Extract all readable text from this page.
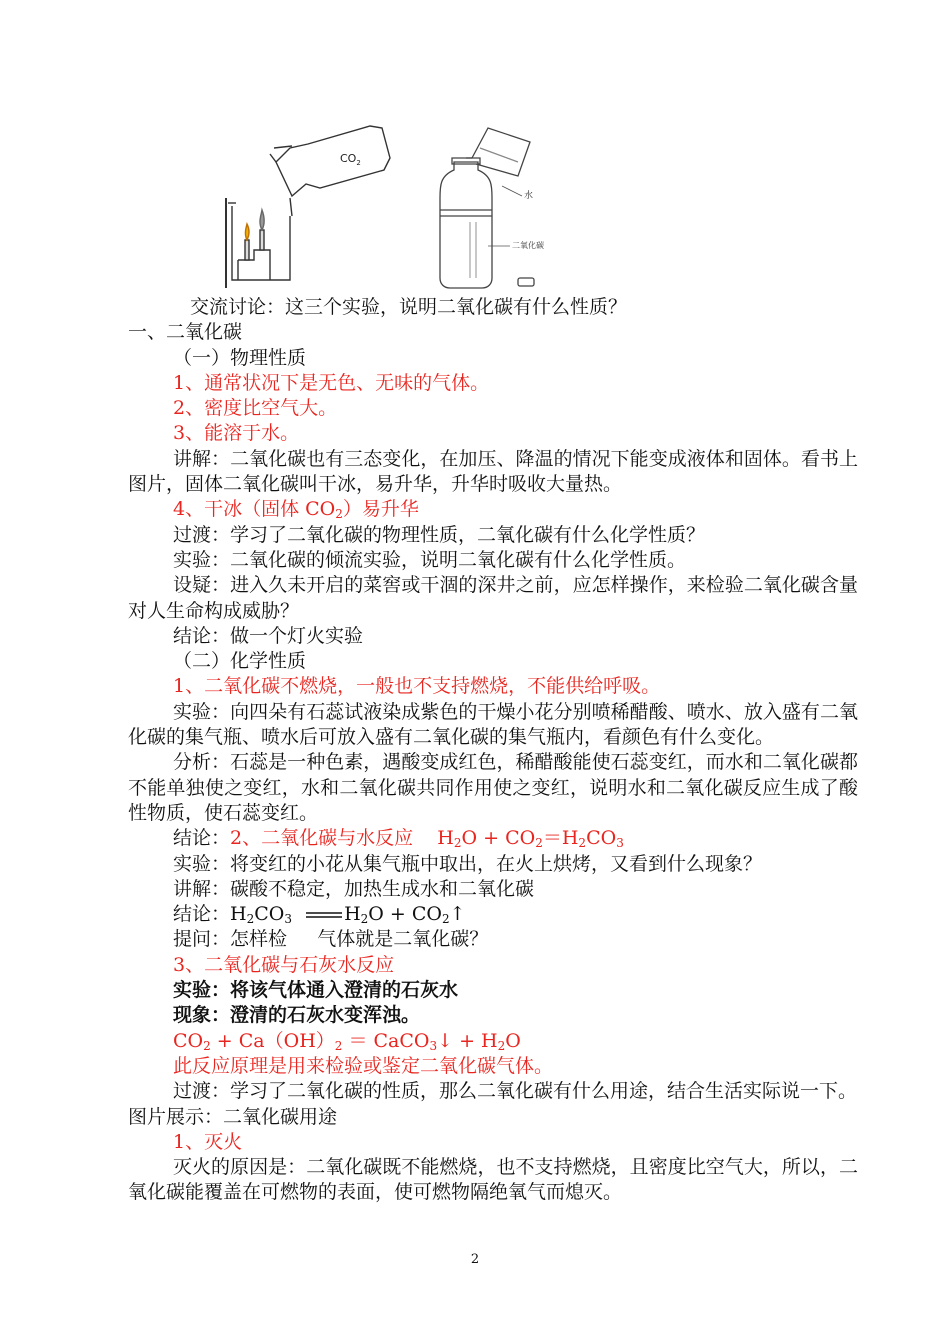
$CO_2$
水
二氧化碳
交流讨论：这三个实验，说明二氧化碳有什么性质？
一、二氧化碳
（一）物理性质
1、通常状况下是无色、无味的气体。
2、密度比空气大。
3、能溶于水。
讲解：二氧化碳也有三态变化，在加压、降温的情况下能变成液体和固体。看书上图片，固体二氧化碳叫干冰，易升华，升华时吸收大量热。
4、干冰（固体 $CO_2$）易升华
过渡：学习了二氧化碳的物理性质，二氧化碳有什么化学性质？
实验：二氧化碳的倾流实验，说明二氧化碳有什么化学性质。
设疑：进入久未开启的菜窖或干涸的深井之前，应怎样操作，来检验二氧化碳含量对人生命构成威胁？
结论：做一个灯火实验
（二）化学性质
1、二氧化碳不燃烧，一般也不支持燃烧，不能供给呼吸。
实验：向四朵有石蕊试液染成紫色的干燥小花分别喷稀醋酸、喷水、放入盛有二氧化碳的集气瓶、喷水后可放入盛有二氧化碳的集气瓶内，看颜色有什么变化。
分析：石蕊是一种色素，遇酸变成红色，稀醋酸能使石蕊变红，而水和二氧化碳都不能单独使之变红，水和二氧化碳共同作用使之变红，说明水和二氧化碳反应生成了酸性物质，使石蕊变红。
结论：2、二氧化碳与水反应 $H_2O + CO_2=H_2CO_3$
实验：将变红的小花从集气瓶中取出，在火上烘烤，又看到什么现象？
讲解：碳酸不稳定，加热生成水和二氧化碳
结论：$H_2CO_3$	$H_2O$ + $CO_2↑$
提问：怎样检 气体就是二氧化碳？
3、二氧化碳与石灰水反应
实验：将该气体通入澄清的石灰水
现象：澄清的石灰水变浑浊。
$CO_2 + Ca(OH)_2$ ＝ CaCO$_3$↓ + $H_2O$
此反应原理是用来检验或鉴定二氧化碳气体。
过渡：学习了二氧化碳的性质，那么二氧化碳有什么用途，结合生活实际说一下。
图片展示：二氧化碳用途
1、灭火
灭火的原因是：二氧化碳既不能燃烧，也不支持燃烧，且密度比空气大，所以，二氧化碳能覆盖在可燃物的表面，使可燃物隔绝氧气而熄灭。
2
